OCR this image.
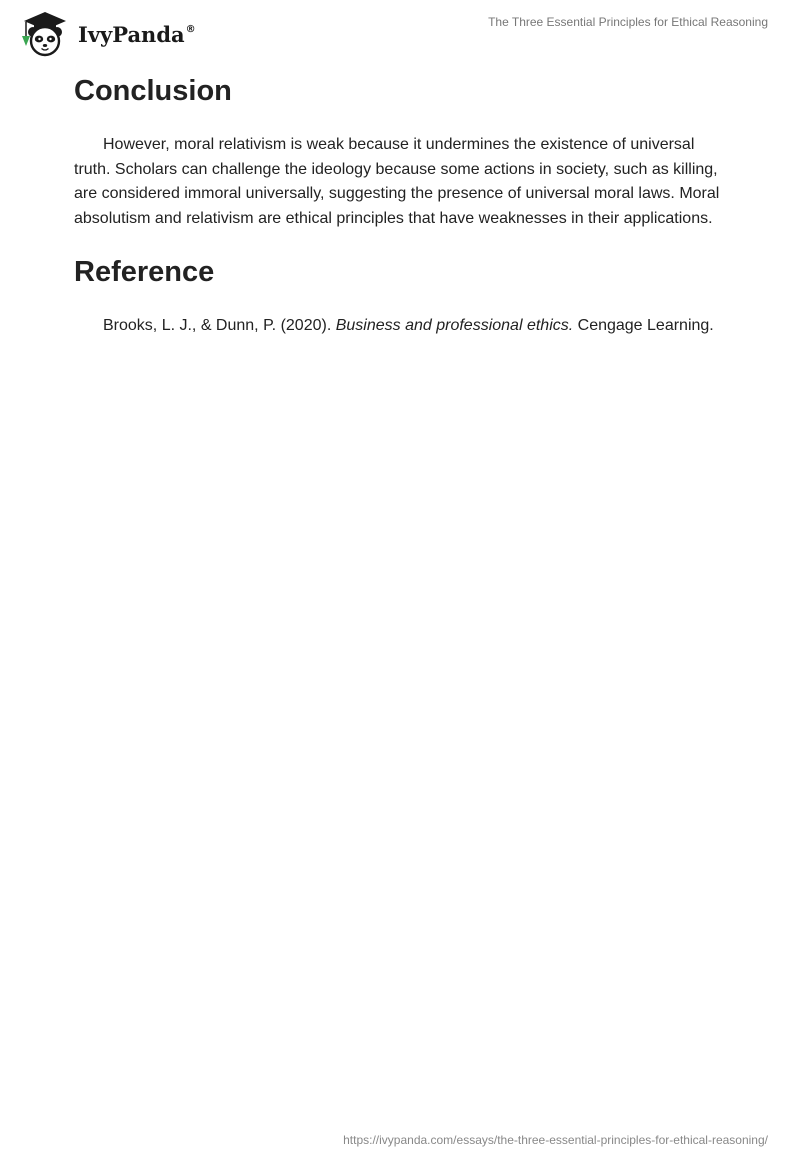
IvyPanda®	The Three Essential Principles for Ethical Reasoning
Conclusion

However, moral relativism is weak because it undermines the existence of universal truth. Scholars can challenge the ideology because some actions in society, such as killing, are considered immoral universally, suggesting the presence of universal moral laws. Moral absolutism and relativism are ethical principles that have weaknesses in their applications.

Reference

Brooks, L. J., & Dunn, P. (2020). Business and professional ethics. Cengage Learning.

https://ivypanda.com/essays/the-three-essential-principles-for-ethical-reasoning/
